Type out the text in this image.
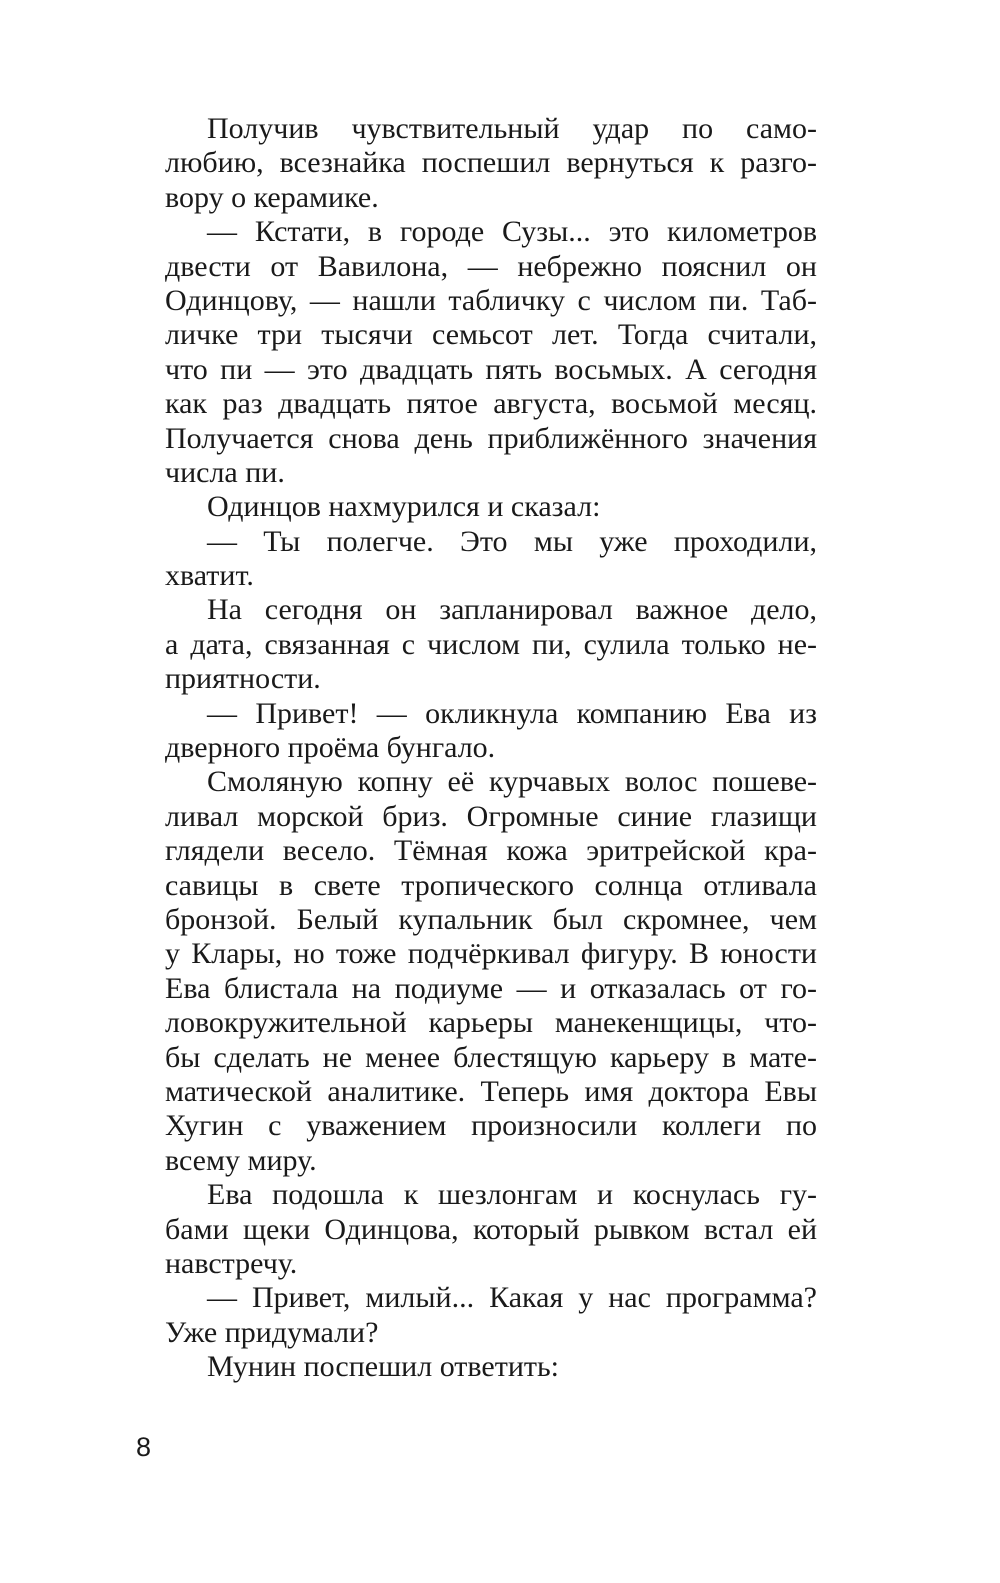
Получив чувствительный удар по само-
любию, всезнайка поспешил вернуться к разго-
вору о керамике.
— Кстати, в городе Сузы... это километров
двести от Вавилона, — небрежно пояснил он
Одинцову, — нашли табличку с числом пи. Таб-
личке три тысячи семьсот лет. Тогда считали,
что пи — это двадцать пять восьмых. А сегодня
как раз двадцать пятое августа, восьмой месяц.
Получается снова день приближённого значения
числа пи.
Одинцов нахмурился и сказал:
— Ты полегче. Это мы уже проходили,
хватит.
На сегодня он запланировал важное дело,
а дата, связанная с числом пи, сулила только не-
приятности.
— Привет! — окликнула компанию Ева из
дверного проёма бунгало.
Смоляную копну её курчавых волос пошеве-
ливал морской бриз. Огромные синие глазищи
глядели весело. Тёмная кожа эритрейской кра-
савицы в свете тропического солнца отливала
бронзой. Белый купальник был скромнее, чем
у Клары, но тоже подчёркивал фигуру. В юности
Ева блистала на подиуме — и отказалась от го-
ловокружительной карьеры манекенщицы, что-
бы сделать не менее блестящую карьеру в мате-
матической аналитике. Теперь имя доктора Евы
Хугин с уважением произносили коллеги по
всему миру.
Ева подошла к шезлонгам и коснулась гу-
бами щеки Одинцова, который рывком встал ей
навстречу.
— Привет, милый... Какая у нас программа?
Уже придумали?
Мунин поспешил ответить:
8
